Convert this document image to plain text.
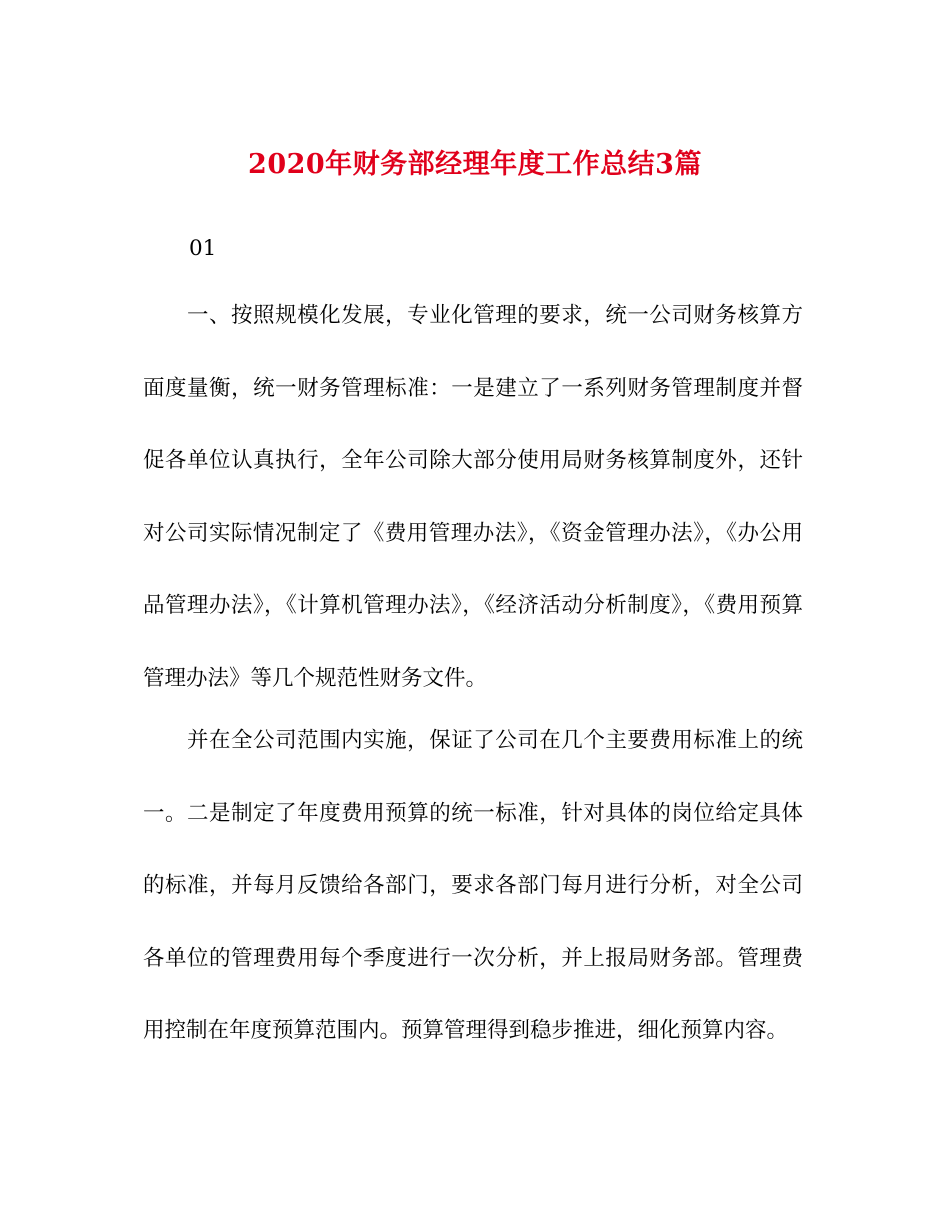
2020年财务部经理年度工作总结3篇
01

一、按照规模化发展，专业化管理的要求，统一公司财务核算方面度量衡，统一财务管理标准：一是建立了一系列财务管理制度并督促各单位认真执行，全年公司除大部分使用局财务核算制度外，还针对公司实际情况制定了《费用管理办法》，《资金管理办法》，《办公用品管理办法》，《计算机管理办法》，《经济活动分析制度》，《费用预算管理办法》等几个规范性财务文件。

并在全公司范围内实施，保证了公司在几个主要费用标准上的统一。二是制定了年度费用预算的统一标准，针对具体的岗位给定具体的标准，并每月反馈给各部门，要求各部门每月进行分析，对全公司各单位的管理费用每个季度进行一次分析，并上报局财务部。管理费用控制在年度预算范围内。预算管理得到稳步推进，细化预算内容。
